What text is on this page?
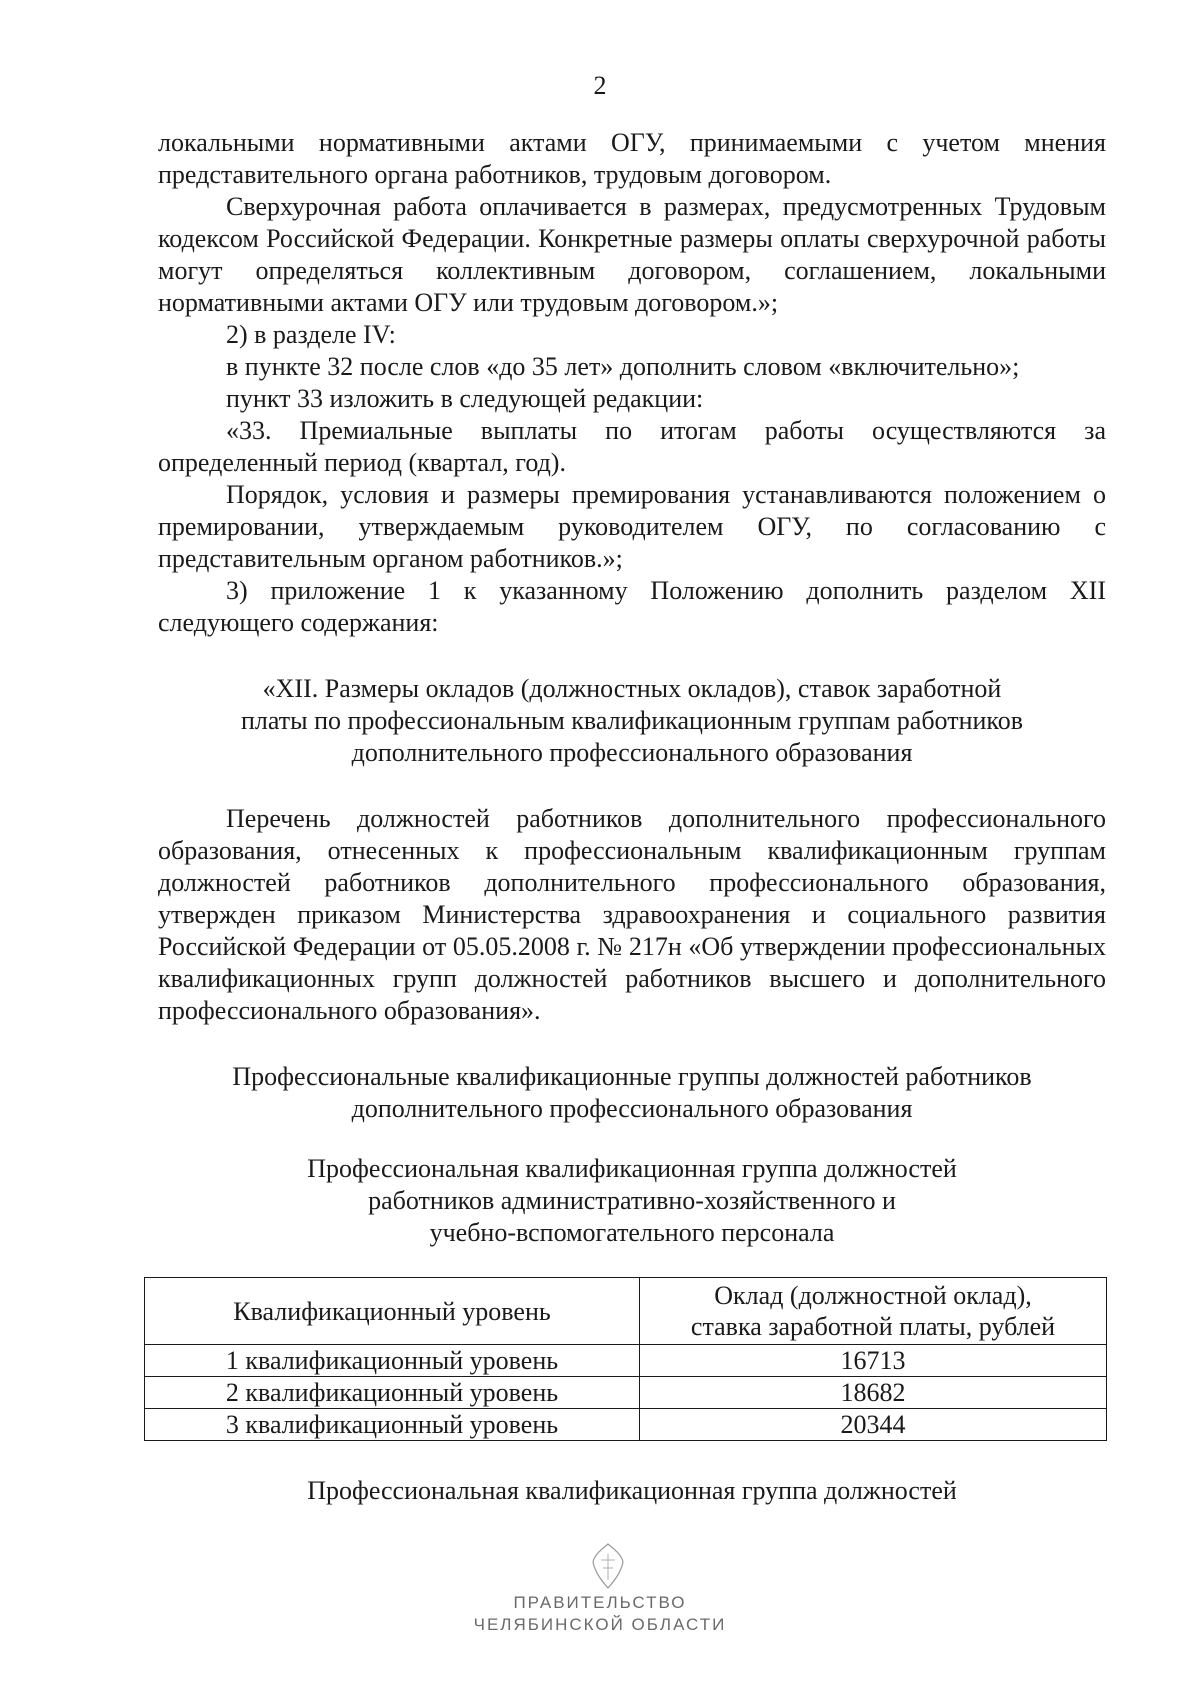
2

локальными нормативными актами ОГУ, принимаемыми с учетом мнения представительного органа работников, трудовым договором.

Сверхурочная работа оплачивается в размерах, предусмотренных Трудовым кодексом Российской Федерации. Конкретные размеры оплаты сверхурочной работы могут определяться коллективным договором, соглашением, локальными нормативными актами ОГУ или трудовым договором.»;

2) в разделе IV:

в пункте 32 после слов «до 35 лет» дополнить словом «включительно»;

пункт 33 изложить в следующей редакции:

«33. Премиальные выплаты по итогам работы осуществляются за определенный период (квартал, год).

Порядок, условия и размеры премирования устанавливаются положением о премировании, утверждаемым руководителем ОГУ, по согласованию с представительным органом работников.»;

3) приложение 1 к указанному Положению дополнить разделом XII следующего содержания:

«XII. Размеры окладов (должностных окладов), ставок заработной
платы по профессиональным квалификационным группам работников
дополнительного профессионального образования

Перечень должностей работников дополнительного профессионального образования, отнесенных к профессиональным квалификационным группам должностей работников дополнительного профессионального образования, утвержден приказом Министерства здравоохранения и социального развития Российской Федерации от 05.05.2008 г. № 217н «Об утверждении профессиональных квалификационных групп должностей работников высшего и дополнительного профессионального образования».

Профессиональные квалификационные группы должностей работников
дополнительного профессионального образования
Профессиональная квалификационная группа должностей
работников административно-хозяйственного и
учебно-вспомогательного персонала
Квалификационный уровень	Оклад (должностной оклад),
ставка заработной платы, рублей

1 квалификационный уровень	16713
2 квалификационный уровень	18682
3 квалификационный уровень	20344
Профессиональная квалификационная группа должностей
ПРАВИТЕЛЬСТВО
ЧЕЛЯБИНСКОЙ ОБЛАСТИ
